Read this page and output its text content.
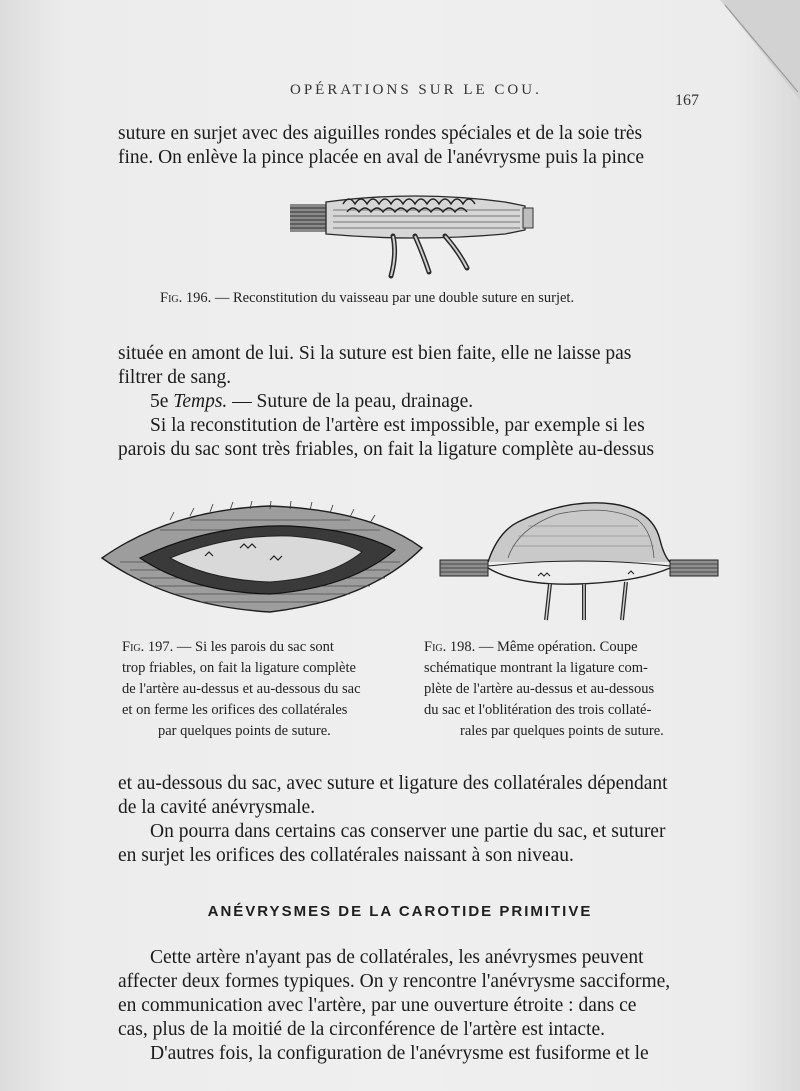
OPÉRATIONS SUR LE COU.
167
suture en surjet avec des aiguilles rondes spéciales et de la soie très
fine. On enlève la pince placée en aval de l'anévrysme puis la pince
Fig. 196. — Reconstitution du vaisseau par une double suture en surjet.
située en amont de lui. Si la suture est bien faite, elle ne laisse pas
filtrer de sang.
5e Temps. — Suture de la peau, drainage.
Si la reconstitution de l'artère est impossible, par exemple si les
parois du sac sont très friables, on fait la ligature complète au-dessus
Fig. 197. — Si les parois du sac sont
trop friables, on fait la ligature complète
de l'artère au-dessus et au-dessous du sac
et on ferme les orifices des collatérales
par quelques points de suture.
Fig. 198. — Même opération. Coupe
schématique montrant la ligature com-
plète de l'artère au-dessus et au-dessous
du sac et l'oblitération des trois collaté-
rales par quelques points de suture.
et au-dessous du sac, avec suture et ligature des collatérales dépendant
de la cavité anévrysmale.
On pourra dans certains cas conserver une partie du sac, et suturer
en surjet les orifices des collatérales naissant à son niveau.
ANÉVRYSMES DE LA CAROTIDE PRIMITIVE
Cette artère n'ayant pas de collatérales, les anévrysmes peuvent
affecter deux formes typiques. On y rencontre l'anévrysme sacciforme,
en communication avec l'artère, par une ouverture étroite : dans ce
cas, plus de la moitié de la circonférence de l'artère est intacte.
D'autres fois, la configuration de l'anévrysme est fusiforme et le
